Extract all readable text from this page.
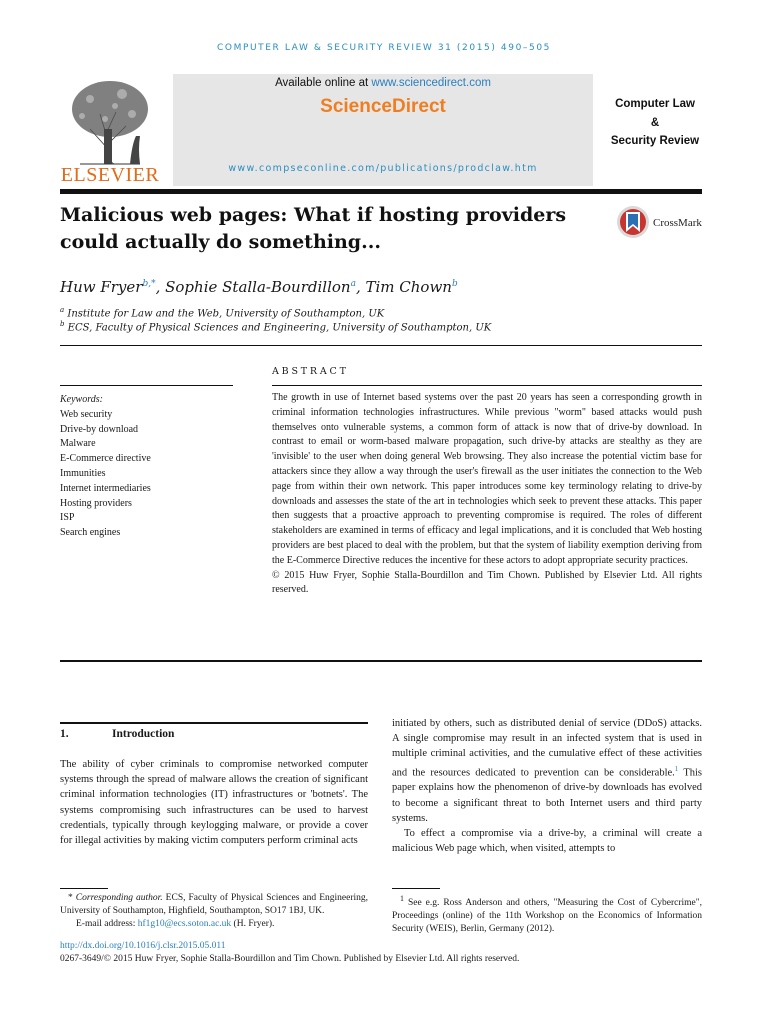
COMPUTER LAW & SECURITY REVIEW 31 (2015) 490–505
ELSEVIER
Available online at www.sciencedirect.com
ScienceDirect
www.compseconline.com/publications/prodclaw.htm
Computer Law
&
Security Review
Malicious web pages: What if hosting providers
could actually do something...
CrossMark
Huw Fryer$^{b,*}$, Sophie Stalla-Bourdillon$^a$, Tim Chown$^b$
$^a$ Institute for Law and the Web, University of Southampton, UK
$^b$ ECS, Faculty of Physical Sciences and Engineering, University of Southampton, UK
ABSTRACT
Keywords:
Web security
Drive-by download
Malware
E-Commerce directive
Immunities
Internet intermediaries
Hosting providers
ISP
Search engines
The growth in use of Internet based systems over the past 20 years has seen a corresponding growth in criminal information technologies infrastructures. While previous "worm" based attacks would push themselves onto vulnerable systems, a common form of attack is now that of drive-by download. In contrast to email or worm-based malware propagation, such drive-by attacks are stealthy as they are 'invisible' to the user when doing general Web browsing. They also increase the potential victim base for attackers since they allow a way through the user's firewall as the user initiates the connection to the Web page from within their own network. This paper introduces some key terminology relating to drive-by downloads and assesses the state of the art in technologies which seek to prevent these attacks. This paper then suggests that a proactive approach to preventing compromise is required. The roles of different stakeholders are examined in terms of efficacy and legal implications, and it is concluded that Web hosting providers are best placed to deal with the problem, but that the system of liability exemption deriving from the E-Commerce Directive reduces the incentive for these actors to adopt appropriate security practices.
© 2015 Huw Fryer, Sophie Stalla-Bourdillon and Tim Chown. Published by Elsevier Ltd. All rights reserved.
1.	Introduction

The ability of cyber criminals to compromise networked computer systems through the spread of malware allows the creation of significant criminal information technologies (IT) infrastructures or 'botnets'. The systems compromising such infrastructures can be used to harvest credentials, typically through keylogging malware, or provide a cover for illegal activities by making victim computers perform criminal acts

initiated by others, such as distributed denial of service (DDoS) attacks. A single compromise may result in an infected system that is used in multiple criminal activities, and the cumulative effect of these activities and the resources dedicated to prevention can be considerable.$^1$ This paper explains how the phenomenon of drive-by downloads has evolved to become a significant threat to both Internet users and third party systems.

To effect a compromise via a drive-by, a criminal will create a malicious Web page which, when visited, attempts to

* Corresponding author. ECS, Faculty of Physical Sciences and Engineering, University of Southampton, Highfield, Southampton, SO17 1BJ, UK.
E-mail address: hf1g10@ecs.soton.ac.uk (H. Fryer).
$^1$ See e.g. Ross Anderson and others, "Measuring the Cost of Cybercrime", Proceedings (online) of the 11th Workshop on the Economics of Information Security (WEIS), Berlin, Germany (2012).
http://dx.doi.org/10.1016/j.clsr.2015.05.011
0267-3649/© 2015 Huw Fryer, Sophie Stalla-Bourdillon and Tim Chown. Published by Elsevier Ltd. All rights reserved.
